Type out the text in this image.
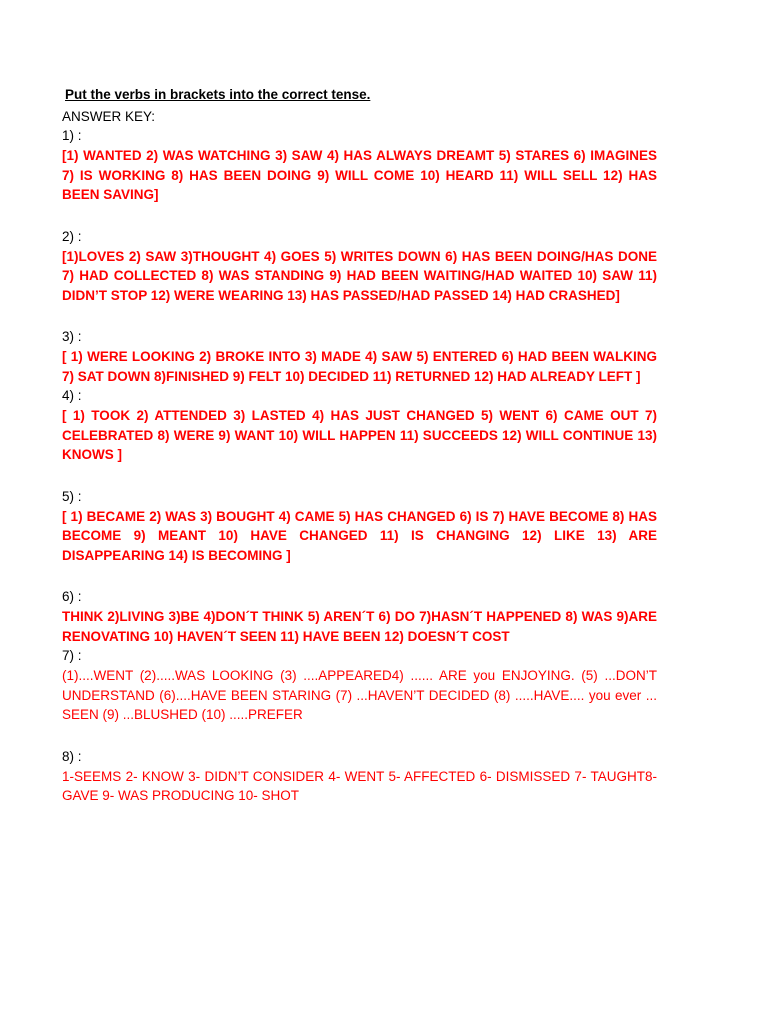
Put the verbs in brackets into the correct tense.
ANSWER KEY:
1) :
[1) WANTED 2) WAS WATCHING 3) SAW 4) HAS ALWAYS DREAMT 5) STARES 6) IMAGINES 7) IS WORKING 8) HAS BEEN DOING 9) WILL COME 10) HEARD 11) WILL SELL 12) HAS BEEN SAVING]
2) :
[1)LOVES 2) SAW 3)THOUGHT 4) GOES 5) WRITES DOWN 6) HAS BEEN DOING/HAS DONE 7) HAD COLLECTED 8) WAS STANDING 9) HAD BEEN WAITING/HAD WAITED 10) SAW 11) DIDN’T STOP 12) WERE WEARING 13) HAS PASSED/HAD PASSED 14) HAD CRASHED]
3) :
[ 1) WERE LOOKING 2) BROKE INTO 3) MADE 4) SAW 5) ENTERED 6) HAD BEEN WALKING 7) SAT DOWN 8)FINISHED 9) FELT 10) DECIDED 11) RETURNED 12) HAD ALREADY LEFT ]
4) :
[ 1) TOOK 2) ATTENDED 3) LASTED 4) HAS JUST CHANGED 5) WENT 6) CAME OUT 7) CELEBRATED 8) WERE 9) WANT 10) WILL HAPPEN 11) SUCCEEDS 12) WILL CONTINUE 13) KNOWS ]
5) :
[ 1) BECAME 2) WAS 3) BOUGHT 4) CAME 5) HAS CHANGED 6) IS 7) HAVE BECOME 8) HAS BECOME 9) MEANT 10) HAVE CHANGED 11) IS CHANGING 12) LIKE 13) ARE DISAPPEARING 14) IS BECOMING ]
6) :
THINK 2)LIVING 3)BE 4)DON´T THINK 5) AREN´T 6) DO 7)HASN´T HAPPENED 8) WAS 9)ARE RENOVATING 10) HAVEN´T SEEN 11) HAVE BEEN 12) DOESN´T COST
7) :
(1)....WENT (2).....WAS LOOKING (3) ....APPEARED4) ...... ARE you ENJOYING. (5) ...DON’T UNDERSTAND (6)....HAVE BEEN STARING (7) ...HAVEN’T DECIDED (8) .....HAVE.... you ever ... SEEN (9) ...BLUSHED (10) .....PREFER
8) :
1-SEEMS 2- KNOW 3- DIDN’T CONSIDER 4- WENT 5- AFFECTED 6- DISMISSED 7- TAUGHT8- GAVE 9- WAS PRODUCING 10- SHOT
